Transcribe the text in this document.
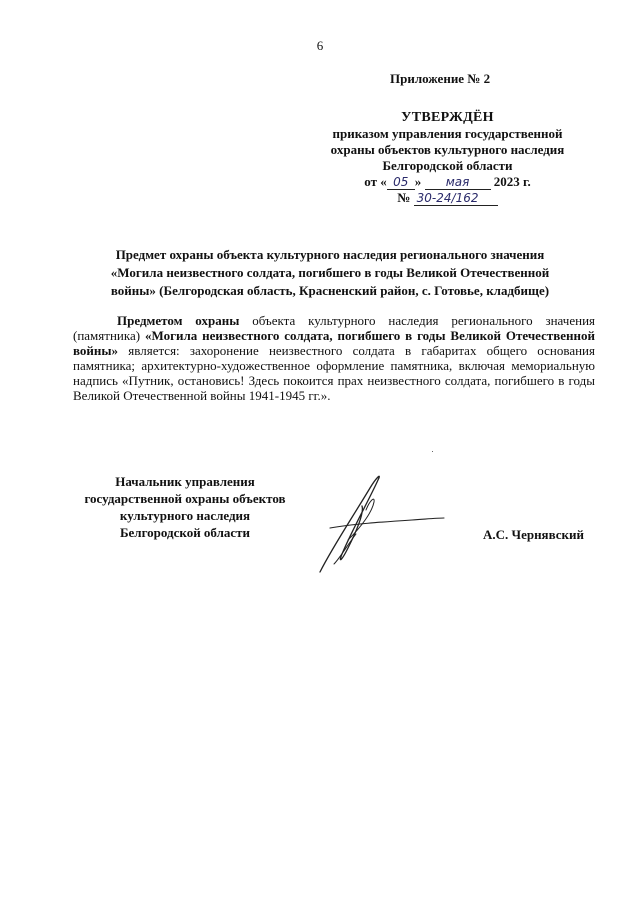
6
Приложение № 2
УТВЕРЖДЁН
приказом управления государственной
охраны объектов культурного наследия
Белгородской области
от « 05 » мая 2023 г.
№ 30-24/162
Предмет охраны объекта культурного наследия регионального значения
«Могила неизвестного солдата, погибшего в годы Великой Отечественной
войны» (Белгородская область, Красненский район, с. Готовье, кладбище)
Предметом охраны объекта культурного наследия регионального значения (памятника) «Могила неизвестного солдата, погибшего в годы Великой Отечественной войны» является: захоронение неизвестного солдата в габаритах общего основания памятника; архитектурно-художественное оформление памятника, включая мемориальную надпись «Путник, остановись! Здесь покоится прах неизвестного солдата, погибшего в годы Великой Отечественной войны 1941-1945 гг.».
Начальник управления
государственной охраны объектов
культурного наследия
Белгородской области	А.С. Чернявский
